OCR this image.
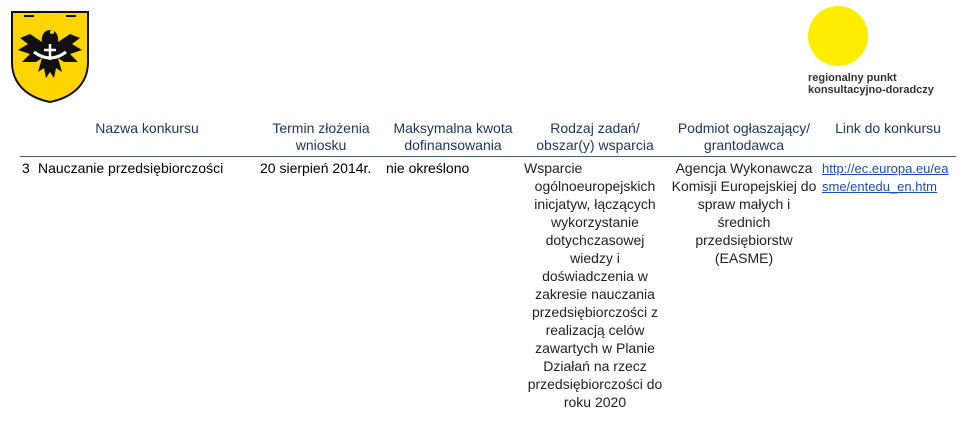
regionalny punkt
konsultacyjno-doradczy
	Nazwa konkursu	Termin złożenia wniosku	Maksymalna kwota dofinansowania	Rodzaj zadań/ obszar(y) wsparcia	Podmiot ogłaszający/ grantodawca	Link do konkursu
3	Nauczanie przedsiębiorczości	20 sierpień 2014r.	nie określono	Wsparcie
ogólnoeuropejskich inicjatyw, łączących wykorzystanie dotychczasowej wiedzy i doświadczenia w zakresie nauczania przedsiębiorczości z realizacją celów zawartych w Planie Działań na rzecz przedsiębiorczości do roku 2020	Agencja Wykonawcza Komisji Europejskiej do spraw małych i średnich przedsiębiorstw (EASME)	http://ec.europa.eu/easme/entedu_en.htm
